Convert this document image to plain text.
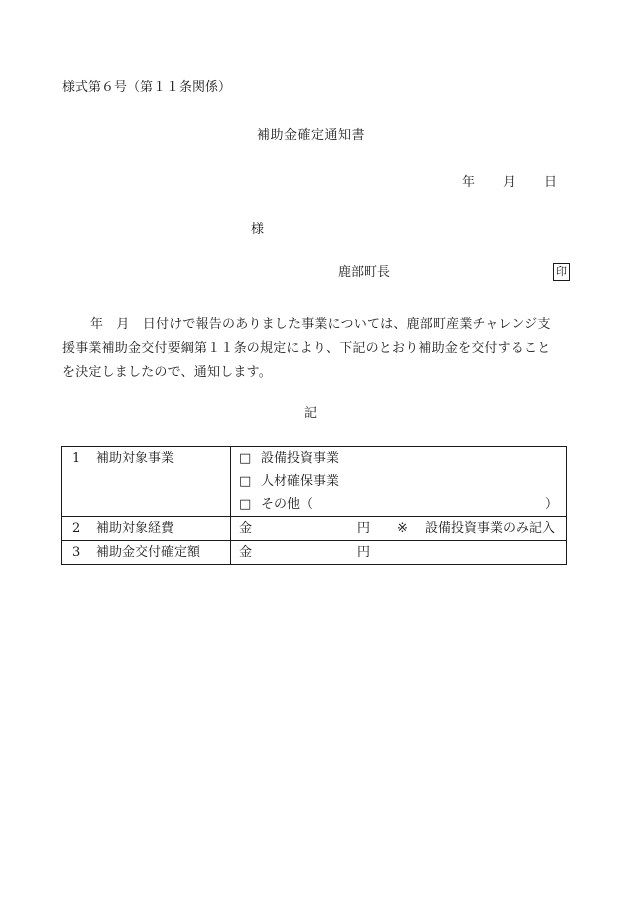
様式第６号（第１１条関係）
補助金確定通知書
年 月 日
様
鹿部町長	印
年　月　日付けで報告のありました事業については、鹿部町産業チャレンジ支
援事業補助金交付要綱第１１条の規定により、下記のとおり補助金を交付すること
を決定しましたので、通知します。
記
1 補助対象事業	□ 設備投資事業
□ 人材確保事業
□ その他（ ）

2 補助対象経費	金 円 ※ 設備投資事業のみ記入

3 補助金交付確定額	金 円
